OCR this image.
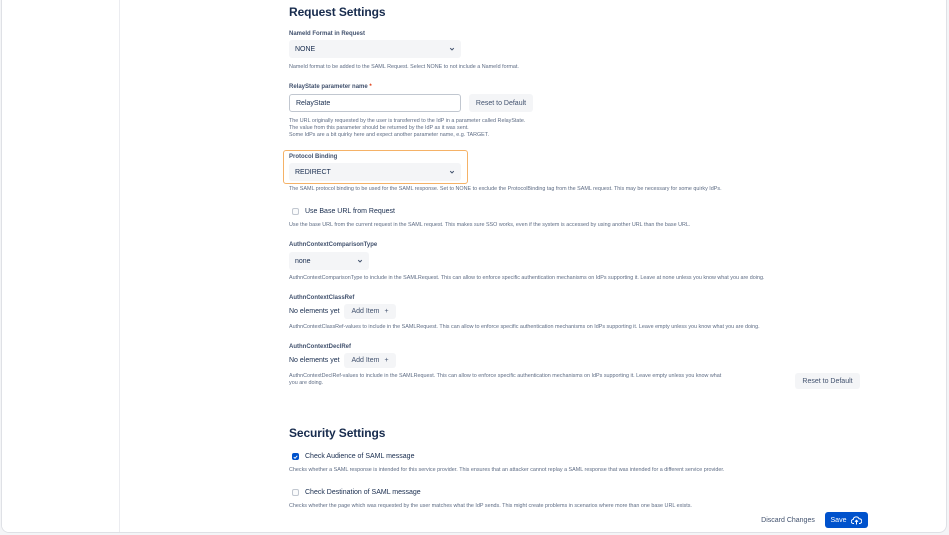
Request Settings
NameId Format in Request
NONE
NameId format to be added to the SAML Request. Select NONE to not include a NameId format.
RelayState parameter name *
RelayState	Reset to Default
The URL originally requested by the user is transferred to the IdP in a parameter called RelayState.
The value from this parameter should be returned by the IdP as it was sent.
Some IdPs are a bit quirky here and expect another parameter name, e.g. TARGET.
Protocol Binding
REDIRECT
The SAML protocol binding to be used for the SAML response. Set to NONE to exclude the ProtocolBinding tag from the SAML request. This may be necessary for some quirky IdPs.
Use Base URL from Request
Use the base URL from the current request in the SAML request. This makes sure SSO works, even if the system is accessed by using another URL than the base URL.
AuthnContextComparisonType
none
AuthnContextComparisonType to include in the SAMLRequest. This can allow to enforce specific authentication mechanisms on IdPs supporting it. Leave at none unless you know what you are doing.
AuthnContextClassRef
No elements yet Add Item +
AuthnContextClassRef-values to include in the SAMLRequest. This can allow to enforce specific authentication mechanisms on IdPs supporting it. Leave empty unless you know what you are doing.
AuthnContextDeclRef
No elements yet Add Item +
AuthnContextDeclRef-values to include in the SAMLRequest. This can allow to enforce specific authentication mechanisms on IdPs supporting it. Leave empty unless you know what
you are doing.	Reset to Default
Security Settings
Check Audience of SAML message
Checks whether a SAML response is intended for this service provider. This ensures that an attacker cannot replay a SAML response that was intended for a different service provider.
Check Destination of SAML message
Checks whether the page which was requested by the user matches what the IdP sends. This might create problems in scenarios where more than one base URL exists.
Discard Changes	Save
